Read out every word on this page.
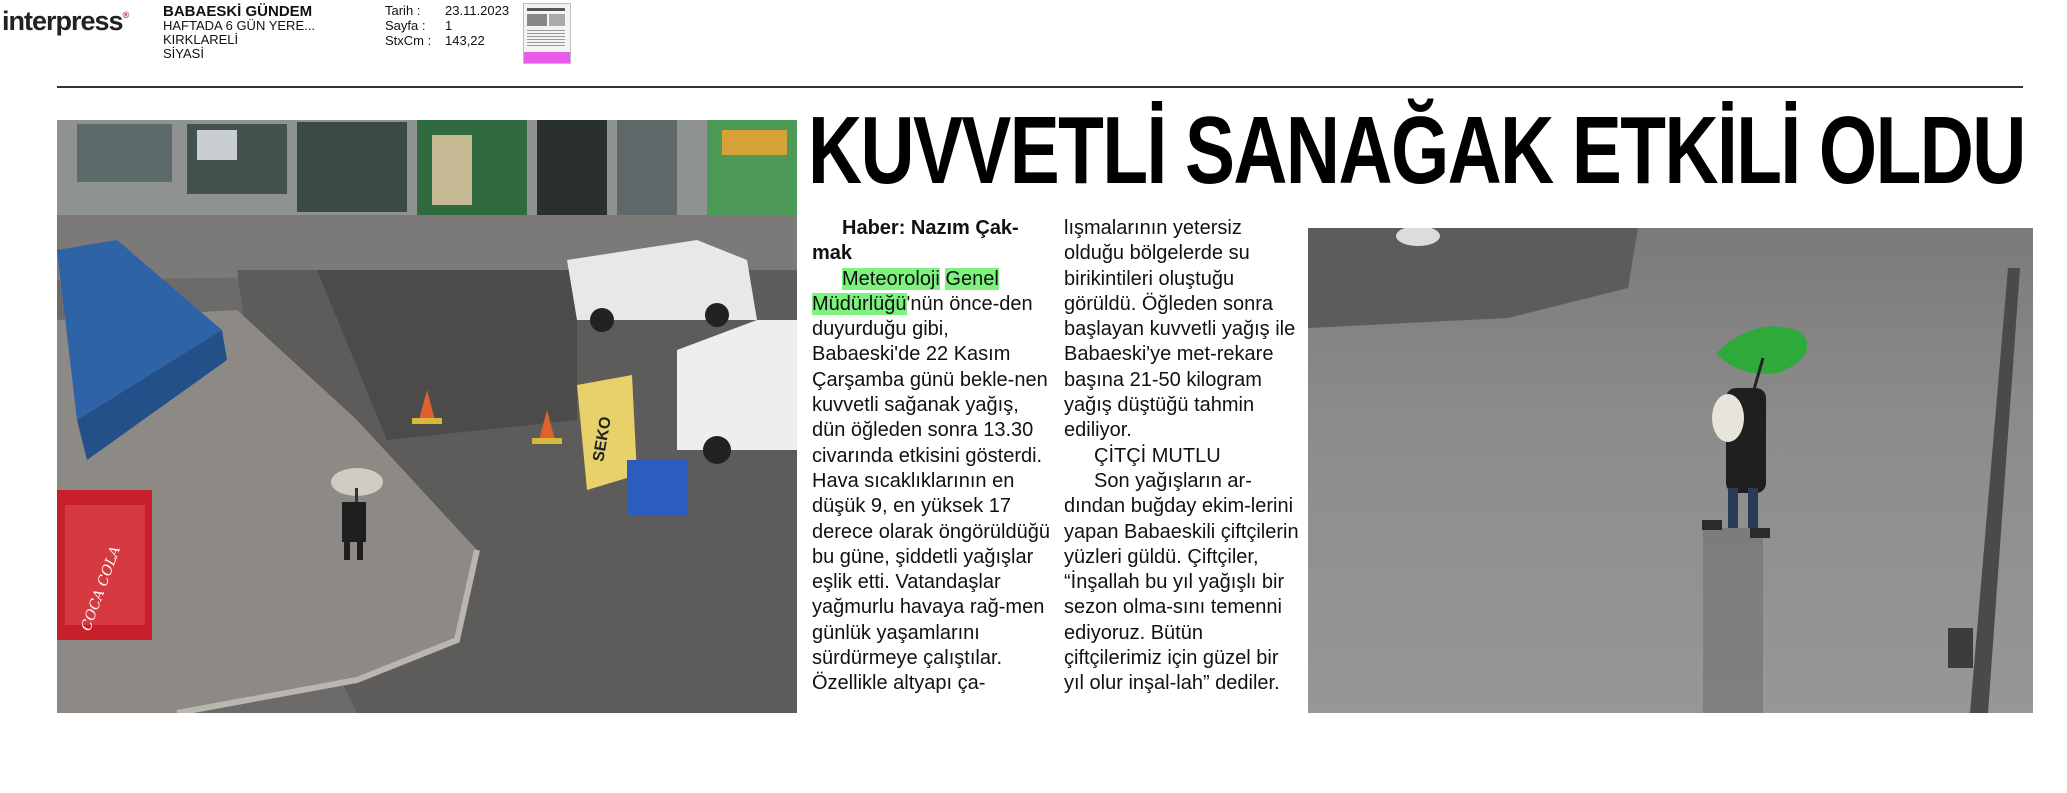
interpress® BABAESKİ GÜNDEM
HAFTADA 6 GÜN YERE...
KIRKLARELİ
SİYASİ
Tarih :	23.11.2023
Sayfa :	1
StxCm :	143,22
KUVVETLİ SANAĞAK ETKİLİ OLDU
COCA COLA
SEKO

Haber: Nazım Çak-mak

Meteoroloji Genel Müdürlüğü'nün önce-den duyurduğu gibi, Babaeski'de 22 Kasım Çarşamba günü bekle-nen kuvvetli sağanak yağış, dün öğleden sonra 13.30 civarında etkisini gösterdi. Hava sıcaklıklarının en düşük 9, en yüksek 17 derece olarak öngörüldüğü bu güne, şiddetli yağışlar eşlik etti. Vatandaşlar yağmurlu havaya rağ-men günlük yaşamlarını sürdürmeye çalıştılar. Özellikle altyapı ça-

lışmalarının yetersiz olduğu bölgelerde su birikintileri oluştuğu görüldü. Öğleden sonra başlayan kuvvetli yağış ile Babaeski'ye met-rekare başına 21-50 kilogram yağış düştüğü tahmin ediliyor.

ÇİTÇİ MUTLU

Son yağışların ar-dından buğday ekim-lerini yapan Babaeskili çiftçilerin yüzleri güldü. Çiftçiler, “İnşallah bu yıl yağışlı bir sezon olma-sını temenni ediyoruz. Bütün çiftçilerimiz için güzel bir yıl olur inşal-lah” dediler.
